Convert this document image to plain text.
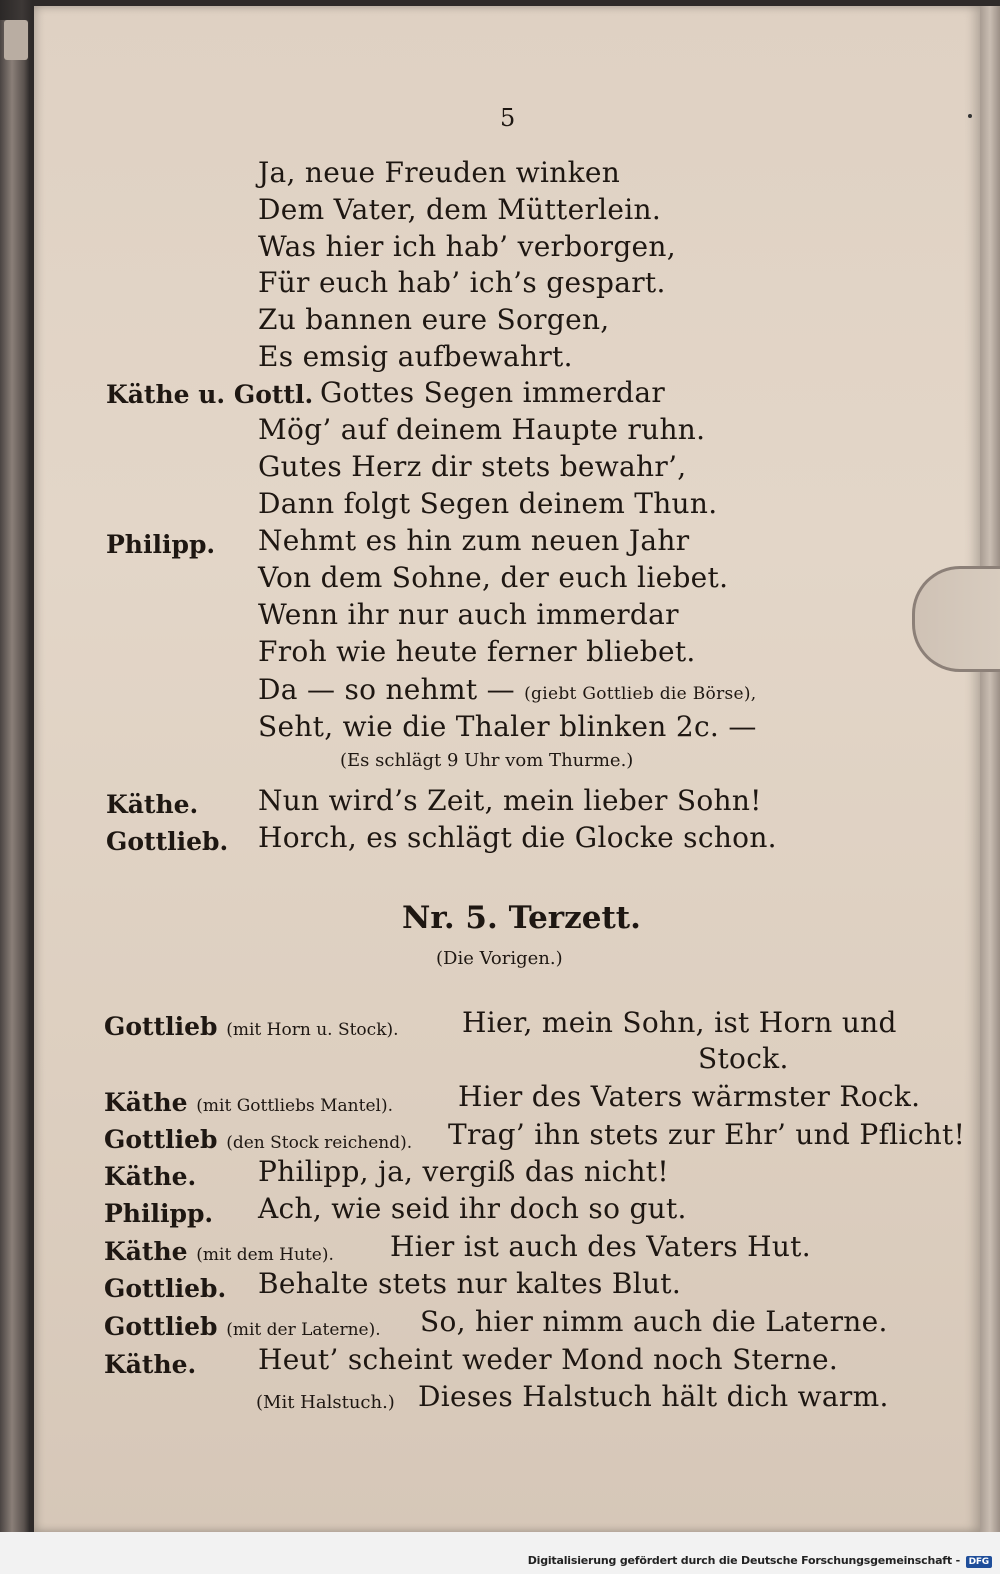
5
Ja, neue Freuden winken
Dem Vater, dem Mütterlein.
Was hier ich hab’ verborgen,
Für euch hab’ ich’s gespart.
Zu bannen eure Sorgen,
Es emsig aufbewahrt.
Käthe u. Gottl. Gottes Segen immerdar
Mög’ auf deinem Haupte ruhn.
Gutes Herz dir stets bewahr’,
Dann folgt Segen deinem Thun.
Philipp. Nehmt es hin zum neuen Jahr
Von dem Sohne, der euch liebet.
Wenn ihr nur auch immerdar
Froh wie heute ferner bliebet.
Da — so nehmt — (giebt Gottlieb die Börse),
Seht, wie die Thaler blinken 2c. —
(Es schlägt 9 Uhr vom Thurme.)
Käthe. Nun wird’s Zeit, mein lieber Sohn!
Gottlieb. Horch, es schlägt die Glocke schon.
Nr. 5. Terzett.
(Die Vorigen.)
Gottlieb (mit Horn u. Stock). Hier, mein Sohn, ist Horn und
Stock.
Käthe (mit Gottliebs Mantel). Hier des Vaters wärmster Rock.
Gottlieb (den Stock reichend). Trag’ ihn stets zur Ehr’ und Pflicht!
Käthe. Philipp, ja, vergiß das nicht!
Philipp. Ach, wie seid ihr doch so gut.
Käthe (mit dem Hute). Hier ist auch des Vaters Hut.
Gottlieb. Behalte stets nur kaltes Blut.
Gottlieb (mit der Laterne). So, hier nimm auch die Laterne.
Käthe. Heut’ scheint weder Mond noch Sterne.
(Mit Halstuch.) Dieses Halstuch hält dich warm.
Digitalisierung gefördert durch die Deutsche Forschungsgemeinschaft - DFG
